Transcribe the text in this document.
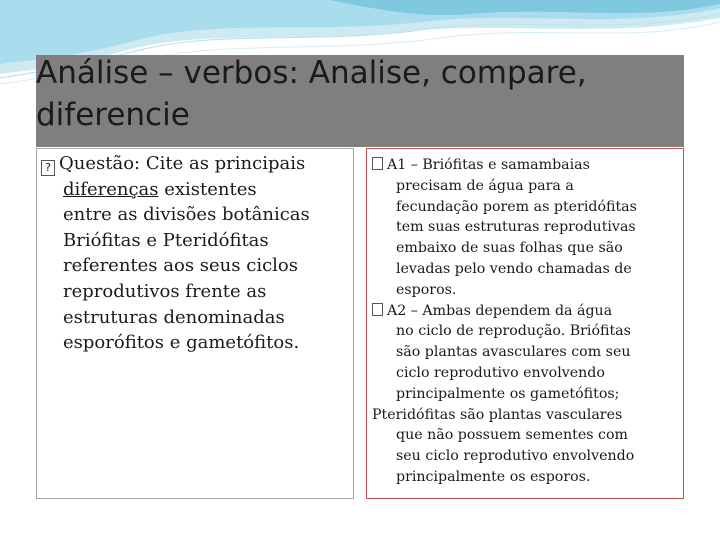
Análise – verbos: Analise, compare,
diferencie
? Questão: Cite as principais
diferenças existentes
entre as divisões botânicas
Briófitas e Pteridófitas
referentes aos seus ciclos
reprodutivos frente as
estruturas denominadas
esporófitos e gametófitos.
A1 – Briófitas e samambaias
precisam de água para a
fecundação porem as pteridófitas
tem suas estruturas reprodutivas
embaixo de suas folhas que são
levadas pelo vendo chamadas de
esporos.
A2 – Ambas dependem da água
no ciclo de reprodução. Briófitas
são plantas avasculares com seu
ciclo reprodutivo envolvendo
principalmente os gametófitos;
Pteridófitas são plantas vasculares
que não possuem sementes com
seu ciclo reprodutivo envolvendo
principalmente os esporos.
